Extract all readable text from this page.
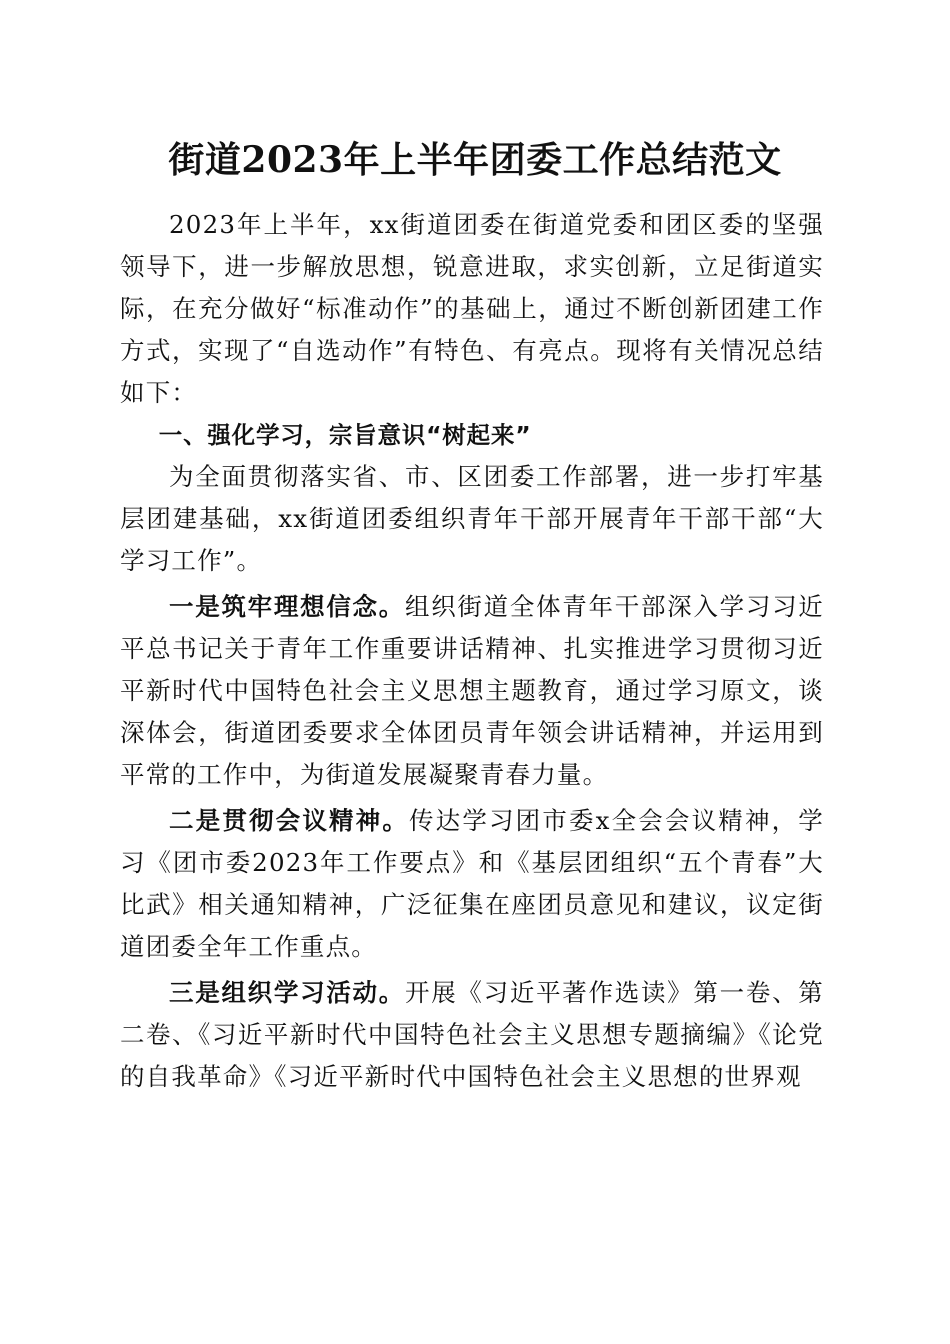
街道2023年上半年团委工作总结范文

2023年上半年，xx街道团委在街道党委和团区委的坚强领导下，进一步解放思想，锐意进取，求实创新，立足街道实际，在充分做好“标准动作”的基础上，通过不断创新团建工作方式，实现了“自选动作”有特色、有亮点。现将有关情况总结如下：

一、强化学习，宗旨意识“树起来”

为全面贯彻落实省、市、区团委工作部署，进一步打牢基层团建基础，xx街道团委组织青年干部开展青年干部干部“大学习工作”。

一是筑牢理想信念。组织街道全体青年干部深入学习习近平总书记关于青年工作重要讲话精神、扎实推进学习贯彻习近平新时代中国特色社会主义思想主题教育，通过学习原文，谈深体会，街道团委要求全体团员青年领会讲话精神，并运用到平常的工作中，为街道发展凝聚青春力量。

二是贯彻会议精神。传达学习团市委x全会会议精神，学习《团市委2023年工作要点》和《基层团组织“五个青春”大比武》相关通知精神，广泛征集在座团员意见和建议，议定街道团委全年工作重点。

三是组织学习活动。开展《习近平著作选读》第一卷、第二卷、《习近平新时代中国特色社会主义思想专题摘编》《论党的自我革命》《习近平新时代中国特色社会主义思想的世界观
